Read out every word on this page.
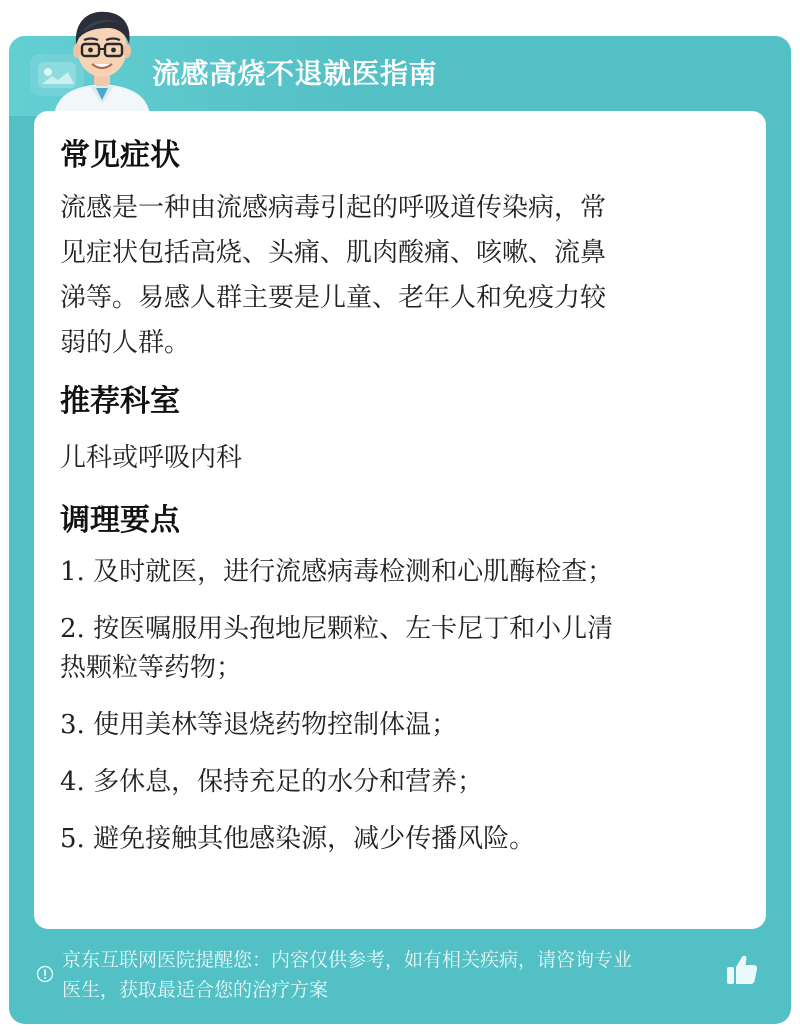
流感高烧不退就医指南
常见症状

流感是一种由流感病毒引起的呼吸道传染病，常

见症状包括高烧、头痛、肌肉酸痛、咳嗽、流鼻

涕等。易感人群主要是儿童、老年人和免疫力较

弱的人群。

推荐科室

儿科或呼吸内科

调理要点
1. 及时就医，进行流感病毒检测和心肌酶检查；
2. 按医嘱服用头孢地尼颗粒、左卡尼丁和小儿清
热颗粒等药物；
3. 使用美林等退烧药物控制体温；
4. 多休息，保持充足的水分和营养；
5. 避免接触其他感染源，减少传播风险。

京东互联网医院提醒您：内容仅供参考，如有相关疾病，请咨询专业
医生，获取最适合您的治疗方案
